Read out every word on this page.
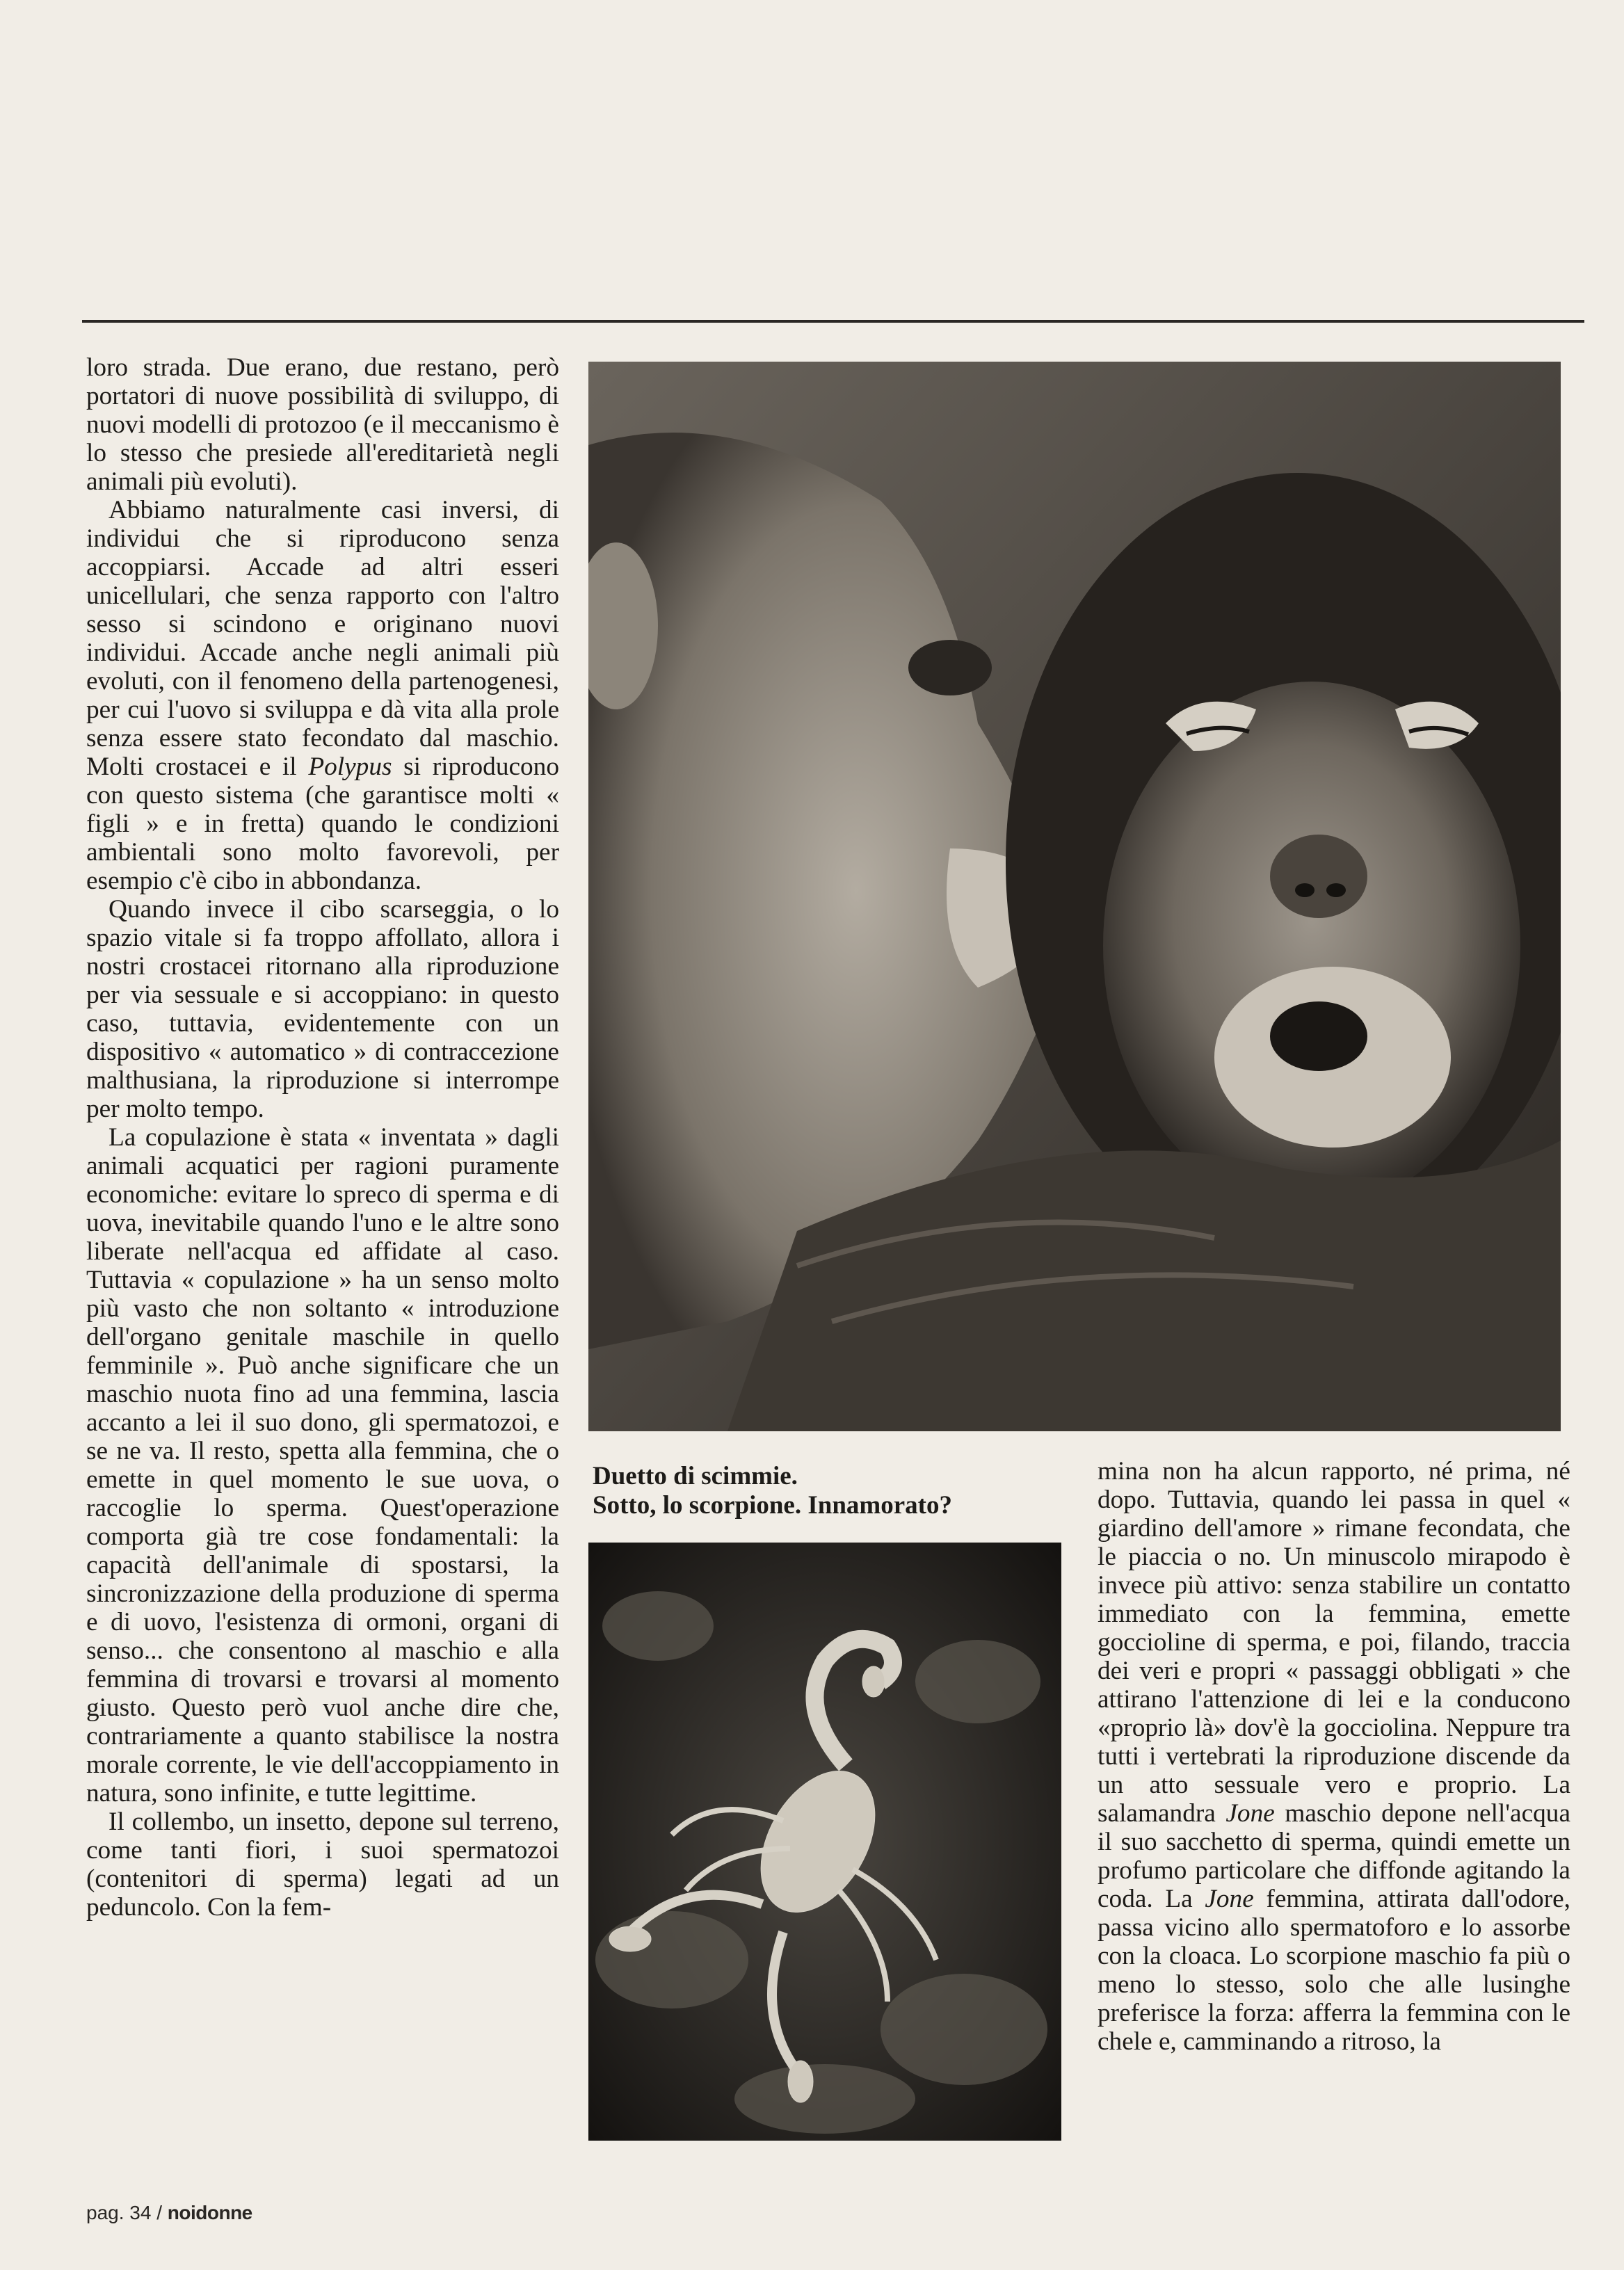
loro strada. Due erano, due restano, però portatori di nuove possibilità di sviluppo, di nuovi modelli di protozoo (e il meccanismo è lo stesso che presiede all'ereditarietà negli animali più evoluti).

Abbiamo naturalmente casi inversi, di individui che si riproducono senza accoppiarsi. Accade ad altri esseri unicellulari, che senza rapporto con l'altro sesso si scindono e originano nuovi individui. Accade anche negli animali più evoluti, con il fenomeno della partenogenesi, per cui l'uovo si sviluppa e dà vita alla prole senza essere stato fecondato dal maschio. Molti crostacei e il Polypus si riproducono con questo sistema (che garantisce molti « figli » e in fretta) quando le condizioni ambientali sono molto favorevoli, per esempio c'è cibo in abbondanza.

Quando invece il cibo scarseggia, o lo spazio vitale si fa troppo affollato, allora i nostri crostacei ritornano alla riproduzione per via sessuale e si accoppiano: in questo caso, tuttavia, evidentemente con un dispositivo « automatico » di contraccezione malthusiana, la riproduzione si interrompe per molto tempo.

La copulazione è stata « inventata » dagli animali acquatici per ragioni puramente economiche: evitare lo spreco di sperma e di uova, inevitabile quando l'uno e le altre sono liberate nell'acqua ed affidate al caso. Tuttavia « copulazione » ha un senso molto più vasto che non soltanto « introduzione dell'organo genitale maschile in quello femminile ». Può anche significare che un maschio nuota fino ad una femmina, lascia accanto a lei il suo dono, gli spermatozoi, e se ne va. Il resto, spetta alla femmina, che o emette in quel momento le sue uova, o raccoglie lo sperma. Quest'operazione comporta già tre cose fondamentali: la capacità dell'animale di spostarsi, la sincronizzazione della produzione di sperma e di uovo, l'esistenza di ormoni, organi di senso... che consentono al maschio e alla femmina di trovarsi e trovarsi al momento giusto. Questo però vuol anche dire che, contrariamente a quanto stabilisce la nostra morale corrente, le vie dell'accoppiamento in natura, sono infinite, e tutte legittime.

Il collembo, un insetto, depone sul terreno, come tanti fiori, i suoi spermatozoi (contenitori di sperma) legati ad un peduncolo. Con la fem-

Duetto di scimmie.
Sotto, lo scorpione. Innamorato?

mina non ha alcun rapporto, né prima, né dopo. Tuttavia, quando lei passa in quel « giardino dell'amore » rimane fecondata, che le piaccia o no. Un minuscolo mirapodo è invece più attivo: senza stabilire un contatto immediato con la femmina, emette goccioline di sperma, e poi, filando, traccia dei veri e propri « passaggi obbligati » che attirano l'attenzione di lei e la conducono «proprio là» dov'è la gocciolina. Neppure tra tutti i vertebrati la riproduzione discende da un atto sessuale vero e proprio. La salamandra Jone maschio depone nell'acqua il suo sacchetto di sperma, quindi emette un profumo particolare che diffonde agitando la coda. La Jone femmina, attirata dall'odore, passa vicino allo spermatoforo e lo assorbe con la cloaca. Lo scorpione maschio fa più o meno lo stesso, solo che alle lusinghe preferisce la forza: afferra la femmina con le chele e, camminando a ritroso, la

pag. 34 / noidonne
